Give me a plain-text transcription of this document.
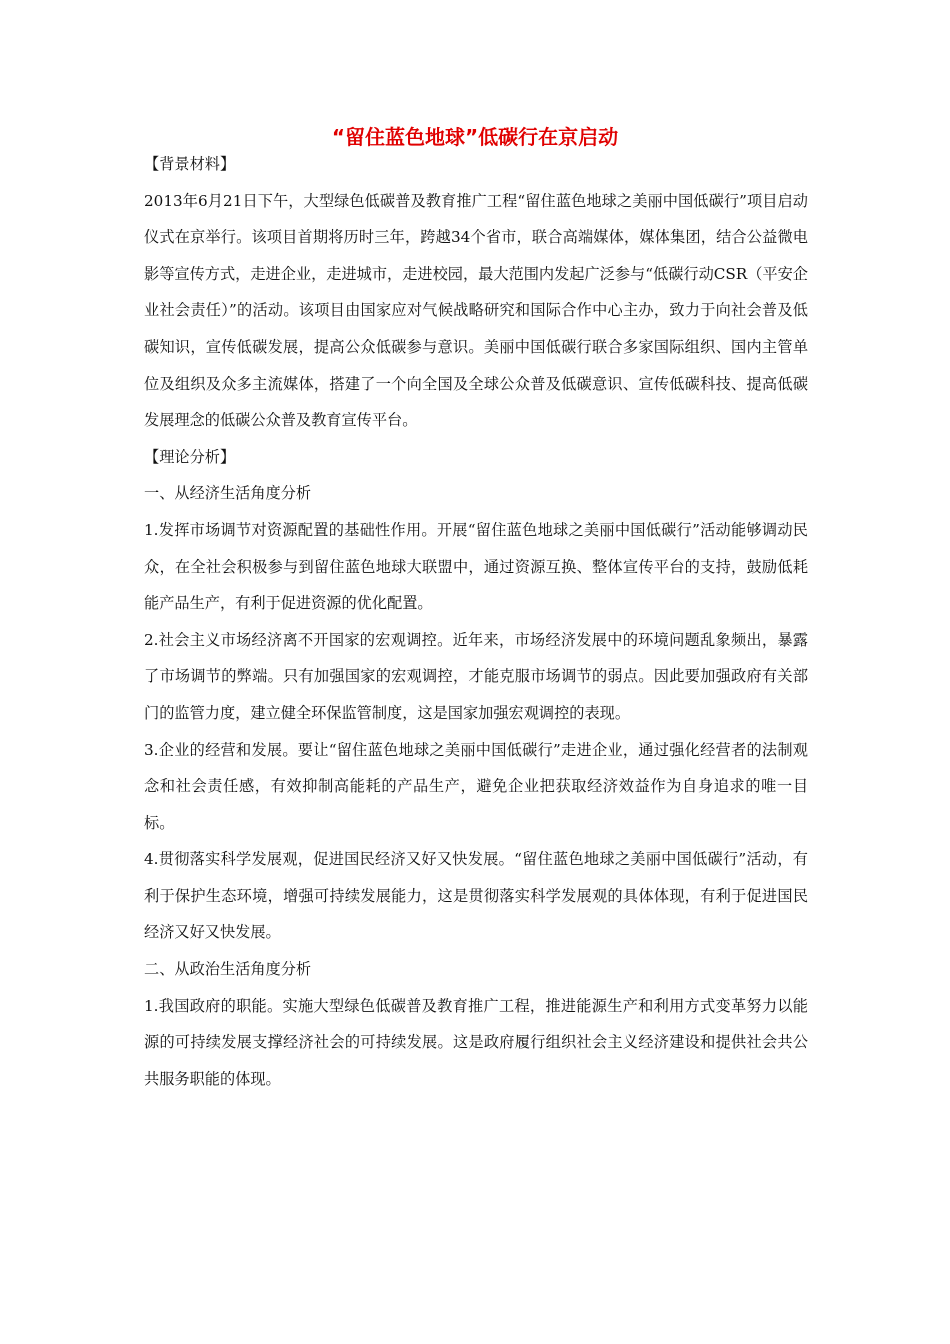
“留住蓝色地球”低碳行在京启动

【背景材料】

2013年6月21日下午，大型绿色低碳普及教育推广工程“留住蓝色地球之美丽中国低碳行”项目启动仪式在京举行。该项目首期将历时三年，跨越34个省市，联合高端媒体，媒体集团，结合公益微电影等宣传方式，走进企业，走进城市，走进校园，最大范围内发起广泛参与“低碳行动CSR（平安企业社会责任）”的活动。该项目由国家应对气候战略研究和国际合作中心主办，致力于向社会普及低碳知识，宣传低碳发展，提高公众低碳参与意识。美丽中国低碳行联合多家国际组织、国内主管单位及组织及众多主流媒体，搭建了一个向全国及全球公众普及低碳意识、宣传低碳科技、提高低碳发展理念的低碳公众普及教育宣传平台。

【理论分析】

一、从经济生活角度分析

1.发挥市场调节对资源配置的基础性作用。开展“留住蓝色地球之美丽中国低碳行”活动能够调动民众，在全社会积极参与到留住蓝色地球大联盟中，通过资源互换、整体宣传平台的支持，鼓励低耗能产品生产，有利于促进资源的优化配置。

2.社会主义市场经济离不开国家的宏观调控。近年来，市场经济发展中的环境问题乱象频出，暴露了市场调节的弊端。只有加强国家的宏观调控，才能克服市场调节的弱点。因此要加强政府有关部门的监管力度，建立健全环保监管制度，这是国家加强宏观调控的表现。

3.企业的经营和发展。要让“留住蓝色地球之美丽中国低碳行”走进企业，通过强化经营者的法制观念和社会责任感，有效抑制高能耗的产品生产，避免企业把获取经济效益作为自身追求的唯一目标。

4.贯彻落实科学发展观，促进国民经济又好又快发展。“留住蓝色地球之美丽中国低碳行”活动，有利于保护生态环境，增强可持续发展能力，这是贯彻落实科学发展观的具体体现，有利于促进国民经济又好又快发展。

二、从政治生活角度分析

1.我国政府的职能。实施大型绿色低碳普及教育推广工程，推进能源生产和利用方式变革努力以能源的可持续发展支撑经济社会的可持续发展。这是政府履行组织社会主义经济建设和提供社会共公共服务职能的体现。
